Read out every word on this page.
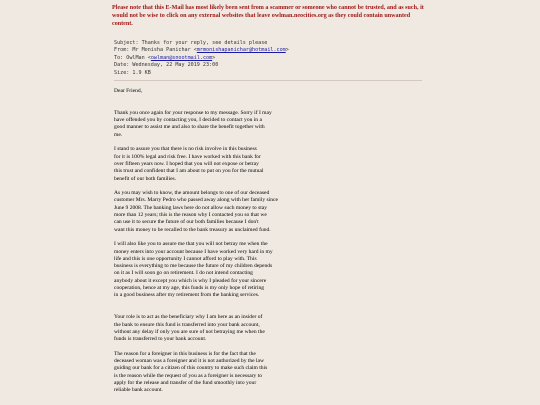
Please note that this E-Mail has most likely been sent from a scammer or someone who cannot be trusted, and as such, it would not be wise to click on any external websites that leave owlman.neocities.org as they could contain unwanted content.
Subject: Thanks for your reply, see details please
From: Mr Monisha Panichar <mrmonishapanichar@hotmail.com>
To: OwlMan <owlman@snootmail.com>
Date: Wednesday, 22 May 2019 23:00
Size: 1.9 KB

Dear Friend,

Thank you once again for your response to my message. Sorry if I may
have offended you by contacting you, I decided to contact you in a
good manner to assist me and also to share the benefit together with
me.

I stand to assure you that there is no risk involve in this business
for it is 100% legal and risk free. I have worked with this bank for
over fifteen years now. I hoped that you will not expose or betray
this trust and confident that I am about to put on you for the mutual
benefit of our both families.

As you may wish to know, the amount belongs to one of our deceased
customer Mrs. Marry Pedro who passed away along with her family since
June 9 2008. The banking laws here do not allow such money to stay
more than 12 years; this is the reason why I contacted you so that we
can use it to secure the future of our both families because I don't
want this money to be recalled to the bank treasury as unclaimed fund.

I will also like you to assure me that you will not betray me when the
money enters into your account because I have worked very hard in my
life and this is one opportunity I cannot afford to play with. This
business is everything to me because the future of my children depends
on it as I will soon go on retirement. I do not intend contacting
anybody about it except you which is why I pleaded for your sincere
cooperation, hence at my age, this funds is my only hope of retiring
in a good business after my retirement from the banking services.

Your role is to act as the beneficiary why I am here as an insider of
the bank to ensure this fund is transferred into your bank account,
without any delay if only you are sure of not betraying me when the
funds is transferred to your bank account.

The reason for a foreigner in this business is for the fact that the
deceased woman was a foreigner and it is not authorized by the law
guiding our bank for a citizen of this country to make such claim this
is the reason while the request of you as a foreigner is necessary to
apply for the release and transfer of the fund smoothly into your
reliable bank account.
